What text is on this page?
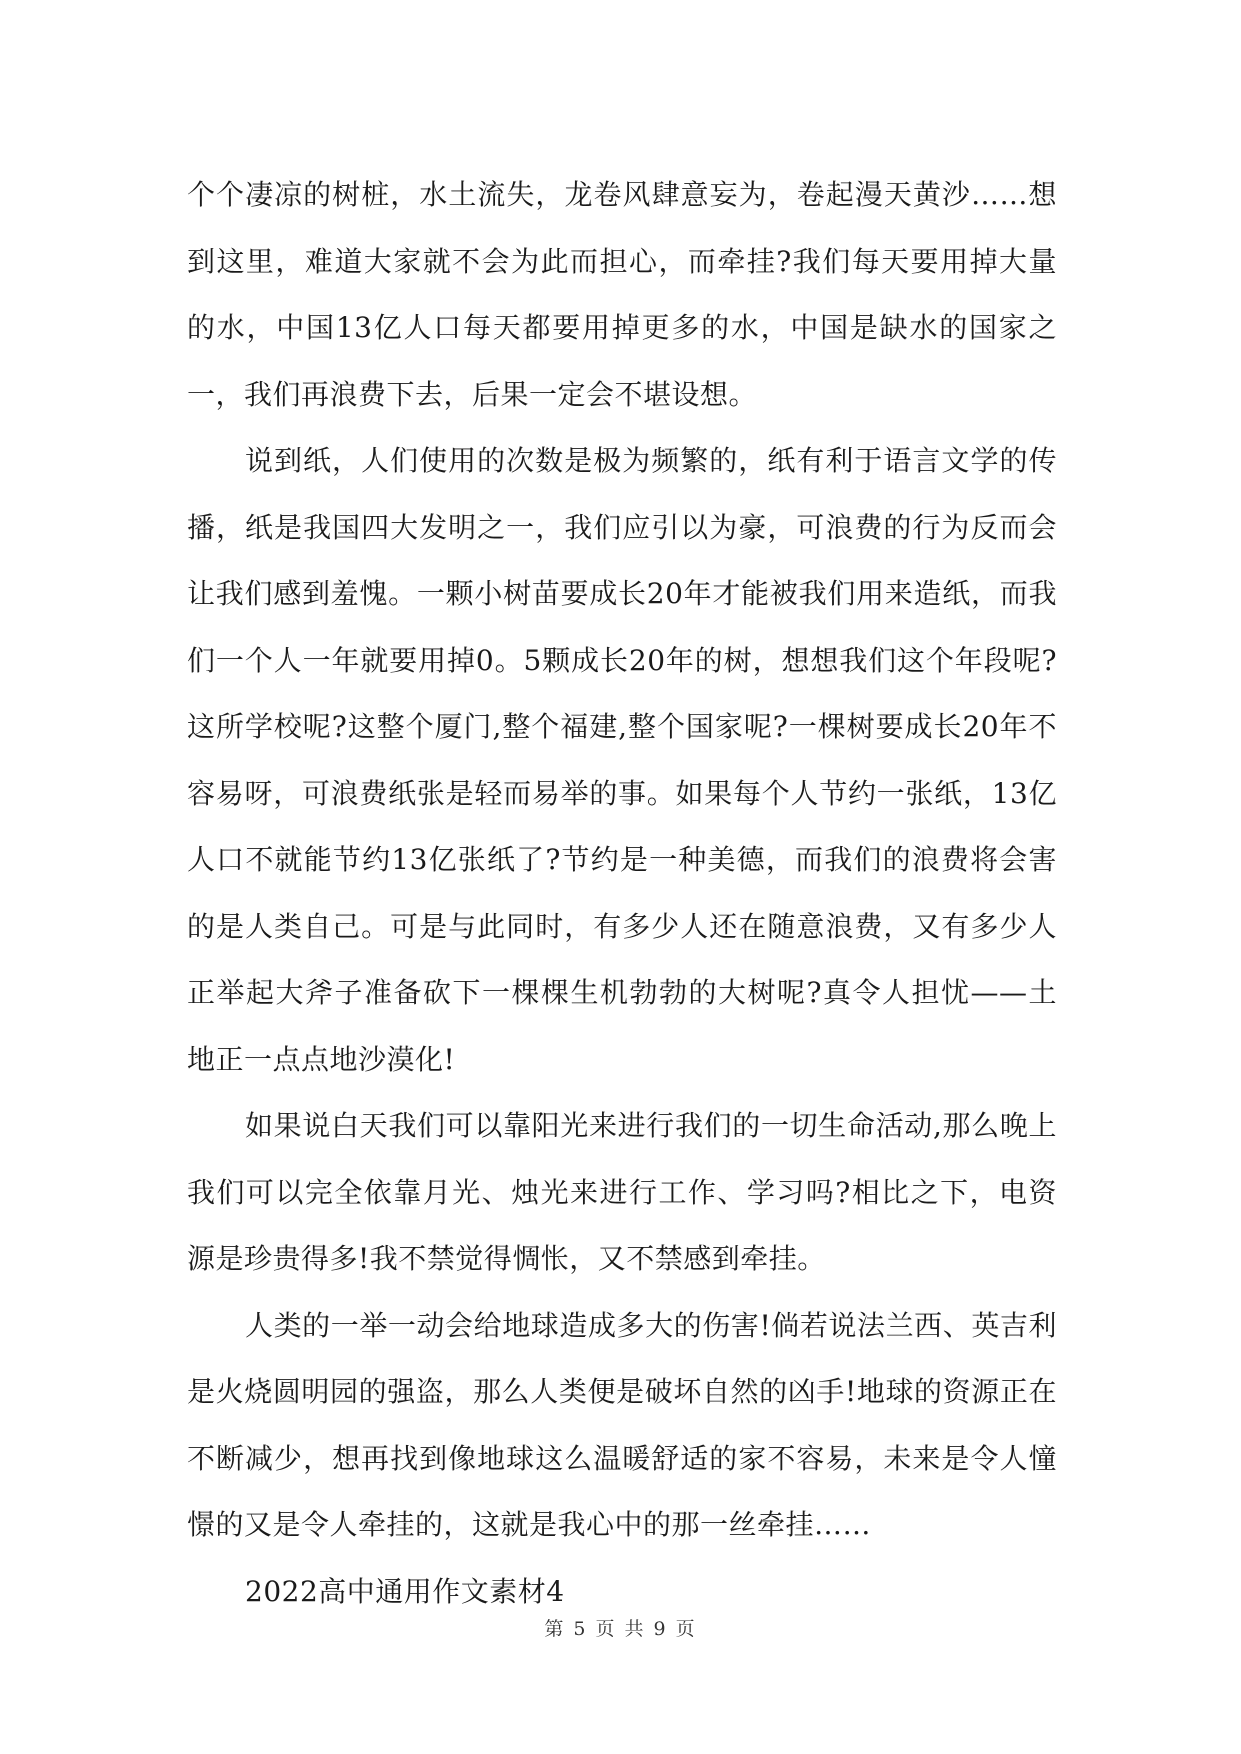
个个凄凉的树桩，水土流失，龙卷风肆意妄为，卷起漫天黄沙……想到这里，难道大家就不会为此而担心，而牵挂?我们每天要用掉大量的水，中国13亿人口每天都要用掉更多的水，中国是缺水的国家之一，我们再浪费下去，后果一定会不堪设想。

说到纸，人们使用的次数是极为频繁的，纸有利于语言文学的传播，纸是我国四大发明之一，我们应引以为豪，可浪费的行为反而会让我们感到羞愧。一颗小树苗要成长20年才能被我们用来造纸，而我们一个人一年就要用掉0。5颗成长20年的树，想想我们这个年段呢?这所学校呢?这整个厦门,整个福建,整个国家呢?一棵树要成长20年不容易呀，可浪费纸张是轻而易举的事。如果每个人节约一张纸，13亿人口不就能节约13亿张纸了?节约是一种美德，而我们的浪费将会害的是人类自己。可是与此同时，有多少人还在随意浪费，又有多少人正举起大斧子准备砍下一棵棵生机勃勃的大树呢?真令人担忧——土地正一点点地沙漠化!

如果说白天我们可以靠阳光来进行我们的一切生命活动,那么晚上我们可以完全依靠月光、烛光来进行工作、学习吗?相比之下，电资源是珍贵得多!我不禁觉得惆怅，又不禁感到牵挂。

人类的一举一动会给地球造成多大的伤害!倘若说法兰西、英吉利是火烧圆明园的强盗，那么人类便是破坏自然的凶手!地球的资源正在不断减少，想再找到像地球这么温暖舒适的家不容易，未来是令人憧憬的又是令人牵挂的，这就是我心中的那一丝牵挂……

2022高中通用作文素材4

第 5 页 共 9 页
